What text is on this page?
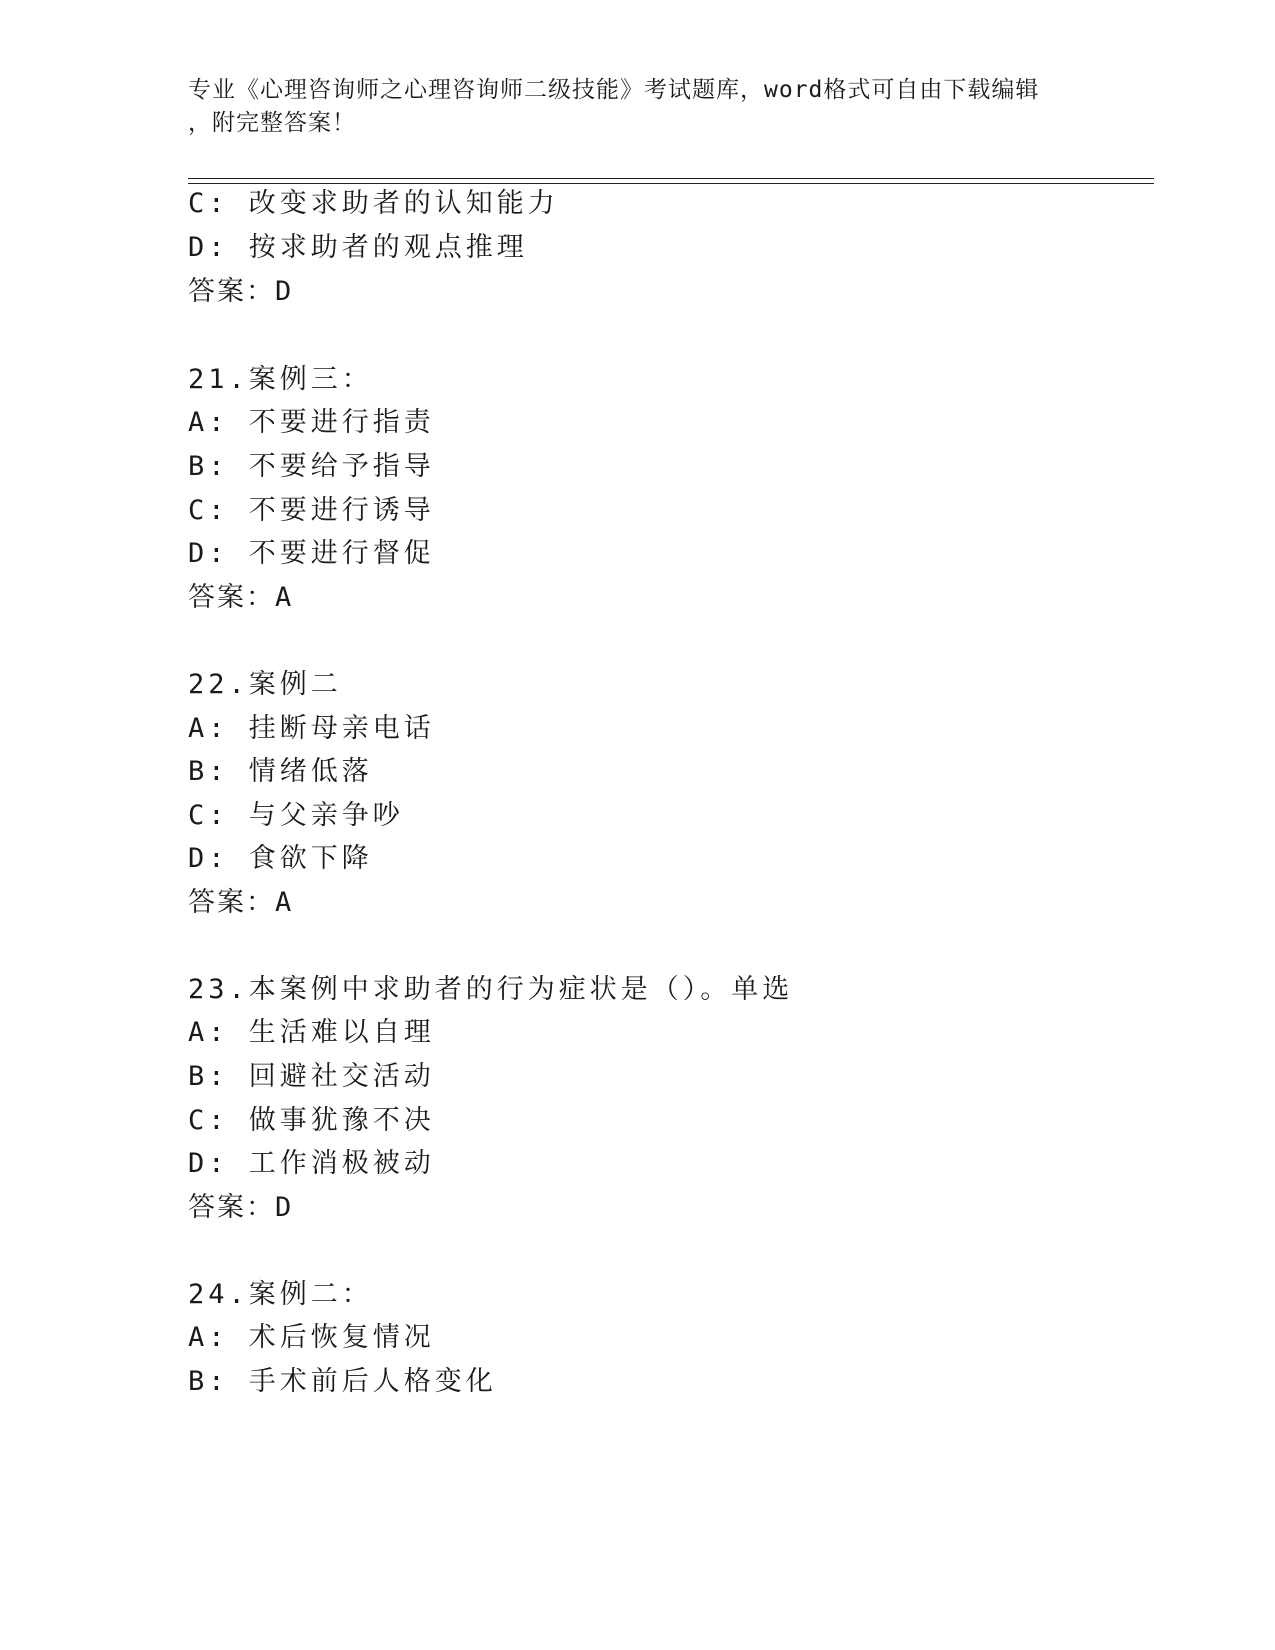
专业《心理咨询师之心理咨询师二级技能》考试题库，word格式可自由下载编辑
，附完整答案！
C: 改变求助者的认知能力
D: 按求助者的观点推理
答案：D
21.案例三：
A: 不要进行指责
B: 不要给予指导
C: 不要进行诱导
D: 不要进行督促
答案：A
22.案例二
A: 挂断母亲电话
B: 情绪低落
C: 与父亲争吵
D: 食欲下降
答案：A
23.本案例中求助者的行为症状是（）。单选
A: 生活难以自理
B: 回避社交活动
C: 做事犹豫不决
D: 工作消极被动
答案：D
24.案例二：
A: 术后恢复情况
B: 手术前后人格变化
